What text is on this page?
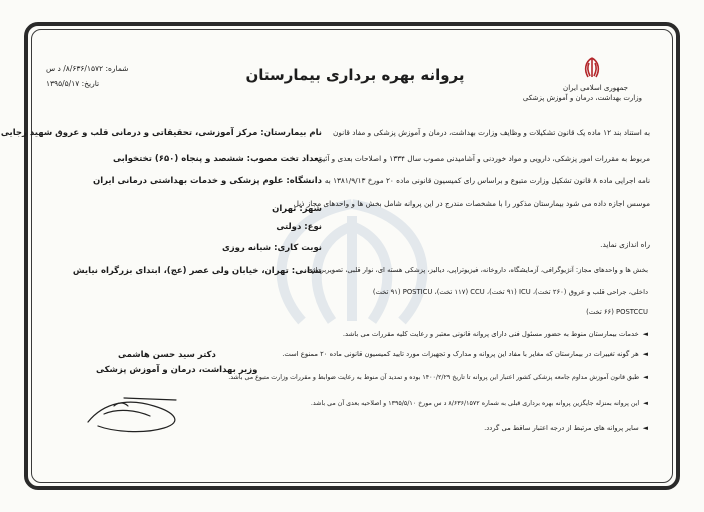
جمهوری اسلامی ایران
وزارت بهداشت، درمان و آموزش پزشکی
پروانه بهره برداری بیمارستان
شماره: ۸/۶۳۶/۱۵۷۲/ د س
تاریخ: ۱۳۹۵/۵/۱۷
به استناد بند ۱۲ ماده یک قانون تشکیلات و وظایف وزارت بهداشت، درمان و آموزش پزشکی و مفاد قانون
مربوط به مقررات امور پزشکی، دارویی و مواد خوردنی و آشامیدنی مصوب سال ۱۳۳۴ و اصلاحات بعدی و آئین
نامه اجرایی ماده ۸ قانون تشکیل وزارت متبوع و براساس رای کمیسیون قانونی ماده ۲۰ مورخ ۱۳۸۱/۹/۱۳ به
موسس اجازه داده می شود بیمارستان مذکور را با مشخصات مندرج در این پروانه شامل بخش ها و واحدهای مجاز ذیل
راه اندازی نماید.
نام بیمارستان: مرکز آموزشی، تحقیقاتی و درمانی قلب و عروق شهید رجایی
تعداد تخت مصوب: ششصد و پنجاه (۶۵۰) تختخوابی
دانشگاه: علوم پزشکی و خدمات بهداشتی درمانی ایران
شهر: تهران
نوع: دولتی
نوبت کاری: شبانه روزی
نشانی: تهران، خیابان ولی عصر (عج)، ابتدای بزرگراه نیایش
بخش ها و واحدهای مجاز: آنژیوگرافی، آزمایشگاه، داروخانه، فیزیوتراپی، دیالیز، پزشکی هسته ای، نوار قلبی، تصویربرداری
داخلی، جراحی قلب و عروق (۲۶۰ تخت)، ICU (۹۱ تخت)، CCU (۱۱۷ تخت)، POSTICU (۹۱ تخت)
POSTCCU (۶۶ تخت)
◄خدمات بیمارستان منوط به حضور مسئول فنی دارای پروانه قانونی معتبر و رعایت کلیه مقررات می باشد.
◄هر گونه تغییرات در بیمارستان که مغایر با مفاد این پروانه و مدارک و تجهیزات مورد تایید کمیسیون قانونی ماده ۲۰ ممنوع است.
◄طبق قانون آموزش مداوم جامعه پزشکی کشور اعتبار این پروانه تا تاریخ ۱۴۰۰/۲/۲۹ بوده و تمدید آن منوط به رعایت ضوابط و مقررات وزارت متبوع می باشد.
◄این پروانه بمنزله جایگزین پروانه بهره برداری قبلی به شماره ۸/۶۳۶/۱۵۷۲ د س مورخ ۱۳۹۵/۵/۱۰ و اصلاحیه بعدی آن می باشد.
◄سایر پروانه های مرتبط از درجه اعتبار ساقط می گردد.
دکتر سید حسن هاشمی
وزیر بهداشت، درمان و آموزش پزشکی
